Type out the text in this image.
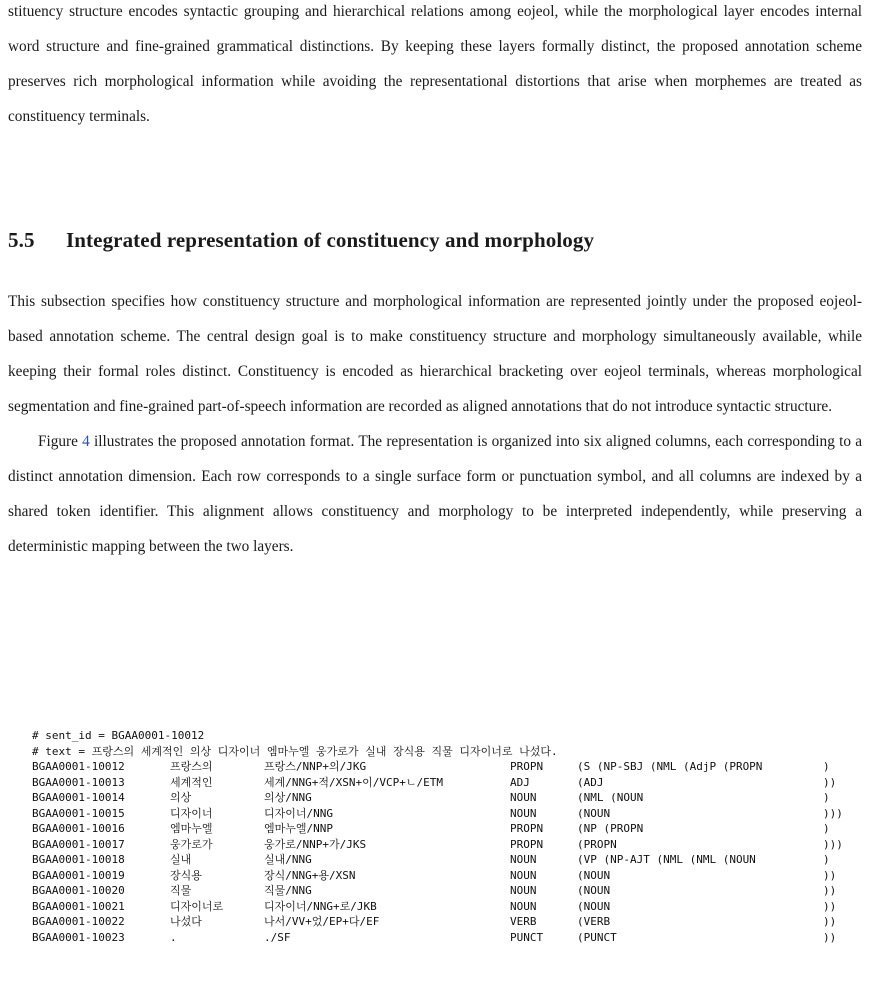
stituency structure encodes syntactic grouping and hierarchical relations among eojeol, while the morphological layer encodes internal word structure and fine-grained grammatical distinctions. By keeping these layers formally distinct, the proposed annotation scheme preserves rich morphological information while avoiding the representational distortions that arise when morphemes are treated as constituency terminals.

5.5 Integrated representation of constituency and morphology

This subsection specifies how constituency structure and morphological information are represented jointly under the proposed eojeol-based annotation scheme. The central design goal is to make constituency structure and morphology simultaneously available, while keeping their formal roles distinct. Constituency is encoded as hierarchical bracketing over eojeol terminals, whereas morphological segmentation and fine-grained part-of-speech information are recorded as aligned annotations that do not introduce syntactic structure.

Figure 4 illustrates the proposed annotation format. The representation is organized into six aligned columns, each corresponding to a distinct annotation dimension. Each row corresponds to a single surface form or punctuation symbol, and all columns are indexed by a shared token identifier. This alignment allows constituency and morphology to be interpreted independently, while preserving a deterministic mapping between the two layers.

# sent_id = BGAA0001-10012
# text = 프랑스의 세계적인 의상 디자이너 엠마누엘 웅가로가 실내 장식용 직물 디자이너로 나섰다.
BGAA0001-10012	프랑스의	프랑스/NNP+의/JKG	PROPN	(S (NP-SBJ (NML (AdjP (PROPN	)
BGAA0001-10013	세계적인	세계/NNG+적/XSN+이/VCP+ㄴ/ETM	ADJ	(ADJ	))
BGAA0001-10014	의상	의상/NNG	NOUN	(NML (NOUN	)
BGAA0001-10015	디자이너	디자이너/NNG	NOUN	(NOUN	)))
BGAA0001-10016	엠마누엘	엠마누엘/NNP	PROPN	(NP (PROPN	)
BGAA0001-10017	웅가로가	웅가로/NNP+가/JKS	PROPN	(PROPN	)))
BGAA0001-10018	실내	실내/NNG	NOUN	(VP (NP-AJT (NML (NML (NOUN	)
BGAA0001-10019	장식용	장식/NNG+용/XSN	NOUN	(NOUN	))
BGAA0001-10020	직물	직물/NNG	NOUN	(NOUN	))
BGAA0001-10021	디자이너로	디자이너/NNG+로/JKB	NOUN	(NOUN	))
BGAA0001-10022	나섰다	나서/VV+었/EP+다/EF	VERB	(VERB	))
BGAA0001-10023	.	./SF	PUNCT	(PUNCT	))
